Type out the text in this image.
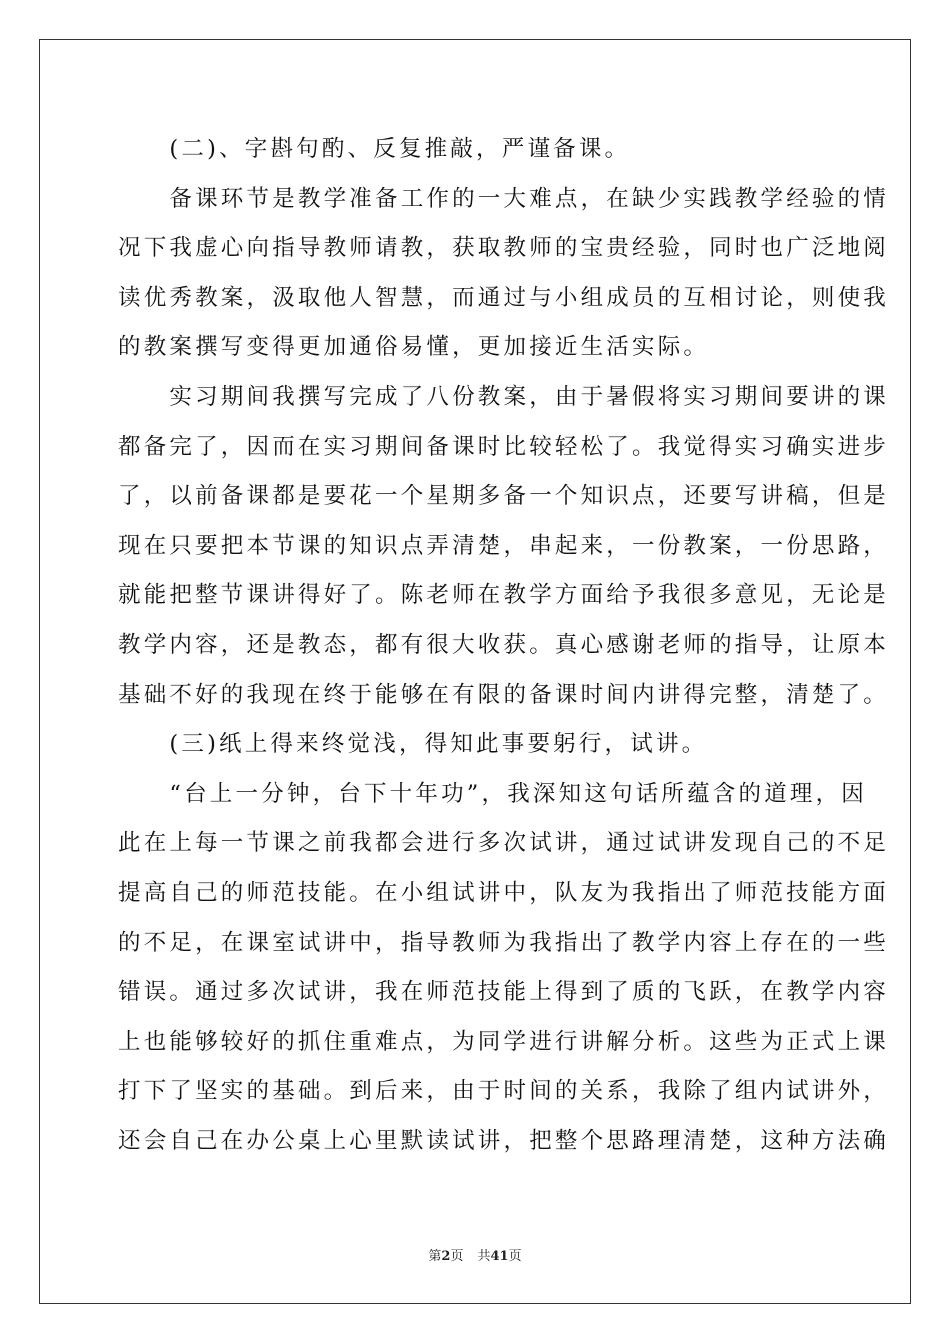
　　(二)、字斟句酌、反复推敲，严谨备课。
　　备课环节是教学准备工作的一大难点，在缺少实践教学经验的情
况下我虚心向指导教师请教，获取教师的宝贵经验，同时也广泛地阅
读优秀教案，汲取他人智慧，而通过与小组成员的互相讨论，则使我
的教案撰写变得更加通俗易懂，更加接近生活实际。
　　实习期间我撰写完成了八份教案，由于暑假将实习期间要讲的课
都备完了，因而在实习期间备课时比较轻松了。我觉得实习确实进步
了，以前备课都是要花一个星期多备一个知识点，还要写讲稿，但是
现在只要把本节课的知识点弄清楚，串起来，一份教案，一份思路，
就能把整节课讲得好了。陈老师在教学方面给予我很多意见，无论是
教学内容，还是教态，都有很大收获。真心感谢老师的指导，让原本
基础不好的我现在终于能够在有限的备课时间内讲得完整，清楚了。
　　(三)纸上得来终觉浅，得知此事要躬行，试讲。
　　“台上一分钟，台下十年功”，我深知这句话所蕴含的道理，因
此在上每一节课之前我都会进行多次试讲，通过试讲发现自己的不足
提高自己的师范技能。在小组试讲中，队友为我指出了师范技能方面
的不足，在课室试讲中，指导教师为我指出了教学内容上存在的一些
错误。通过多次试讲，我在师范技能上得到了质的飞跃，在教学内容
上也能够较好的抓住重难点，为同学进行讲解分析。这些为正式上课
打下了坚实的基础。到后来，由于时间的关系，我除了组内试讲外，
还会自己在办公桌上心里默读试讲，把整个思路理清楚，这种方法确
第2页 共41页
